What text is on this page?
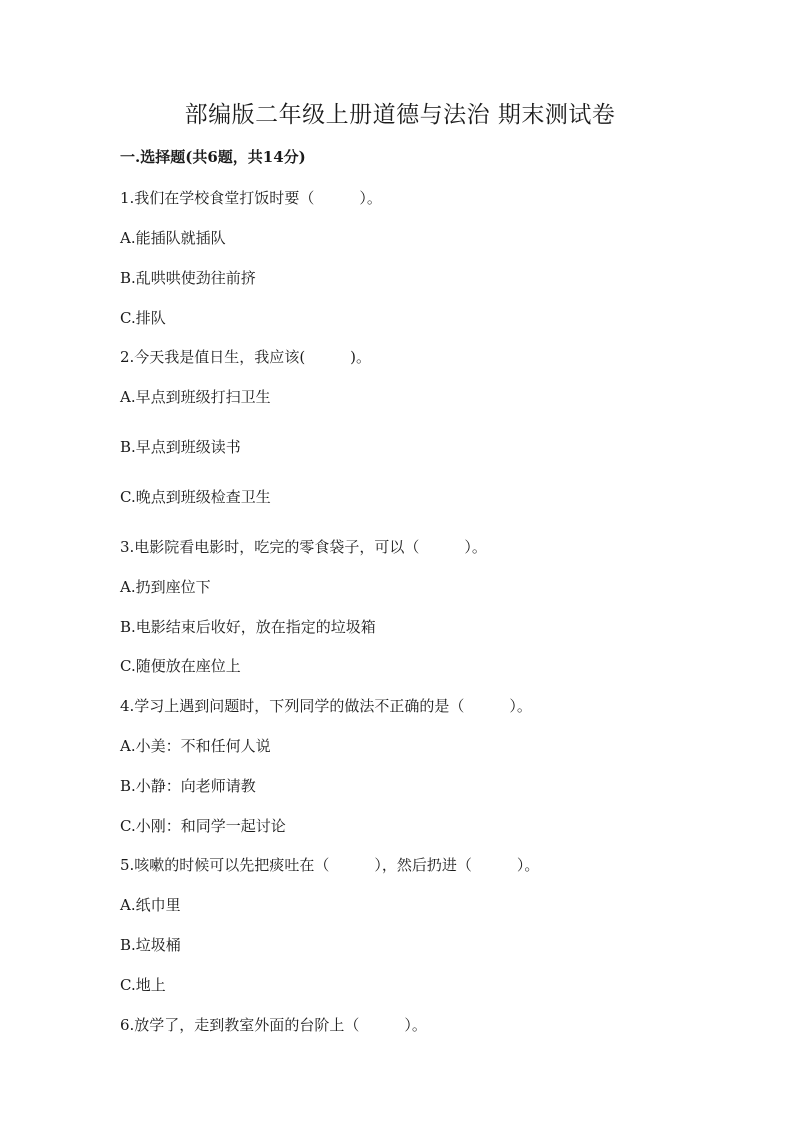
部编版二年级上册道德与法治 期末测试卷
一.选择题(共6题，共14分)
1.我们在学校食堂打饭时要（　　　）。
A.能插队就插队
B.乱哄哄使劲往前挤
C.排队
2.今天我是值日生，我应该(　　　)。
A.早点到班级打扫卫生
B.早点到班级读书
C.晚点到班级检查卫生
3.电影院看电影时，吃完的零食袋子，可以（　　　）。
A.扔到座位下
B.电影结束后收好，放在指定的垃圾箱
C.随便放在座位上
4.学习上遇到问题时，下列同学的做法不正确的是（　　　）。
A.小美：不和任何人说
B.小静：向老师请教
C.小刚：和同学一起讨论
5.咳嗽的时候可以先把痰吐在（　　　），然后扔进（　　　）。
A.纸巾里
B.垃圾桶
C.地上
6.放学了，走到教室外面的台阶上（　　　）。
